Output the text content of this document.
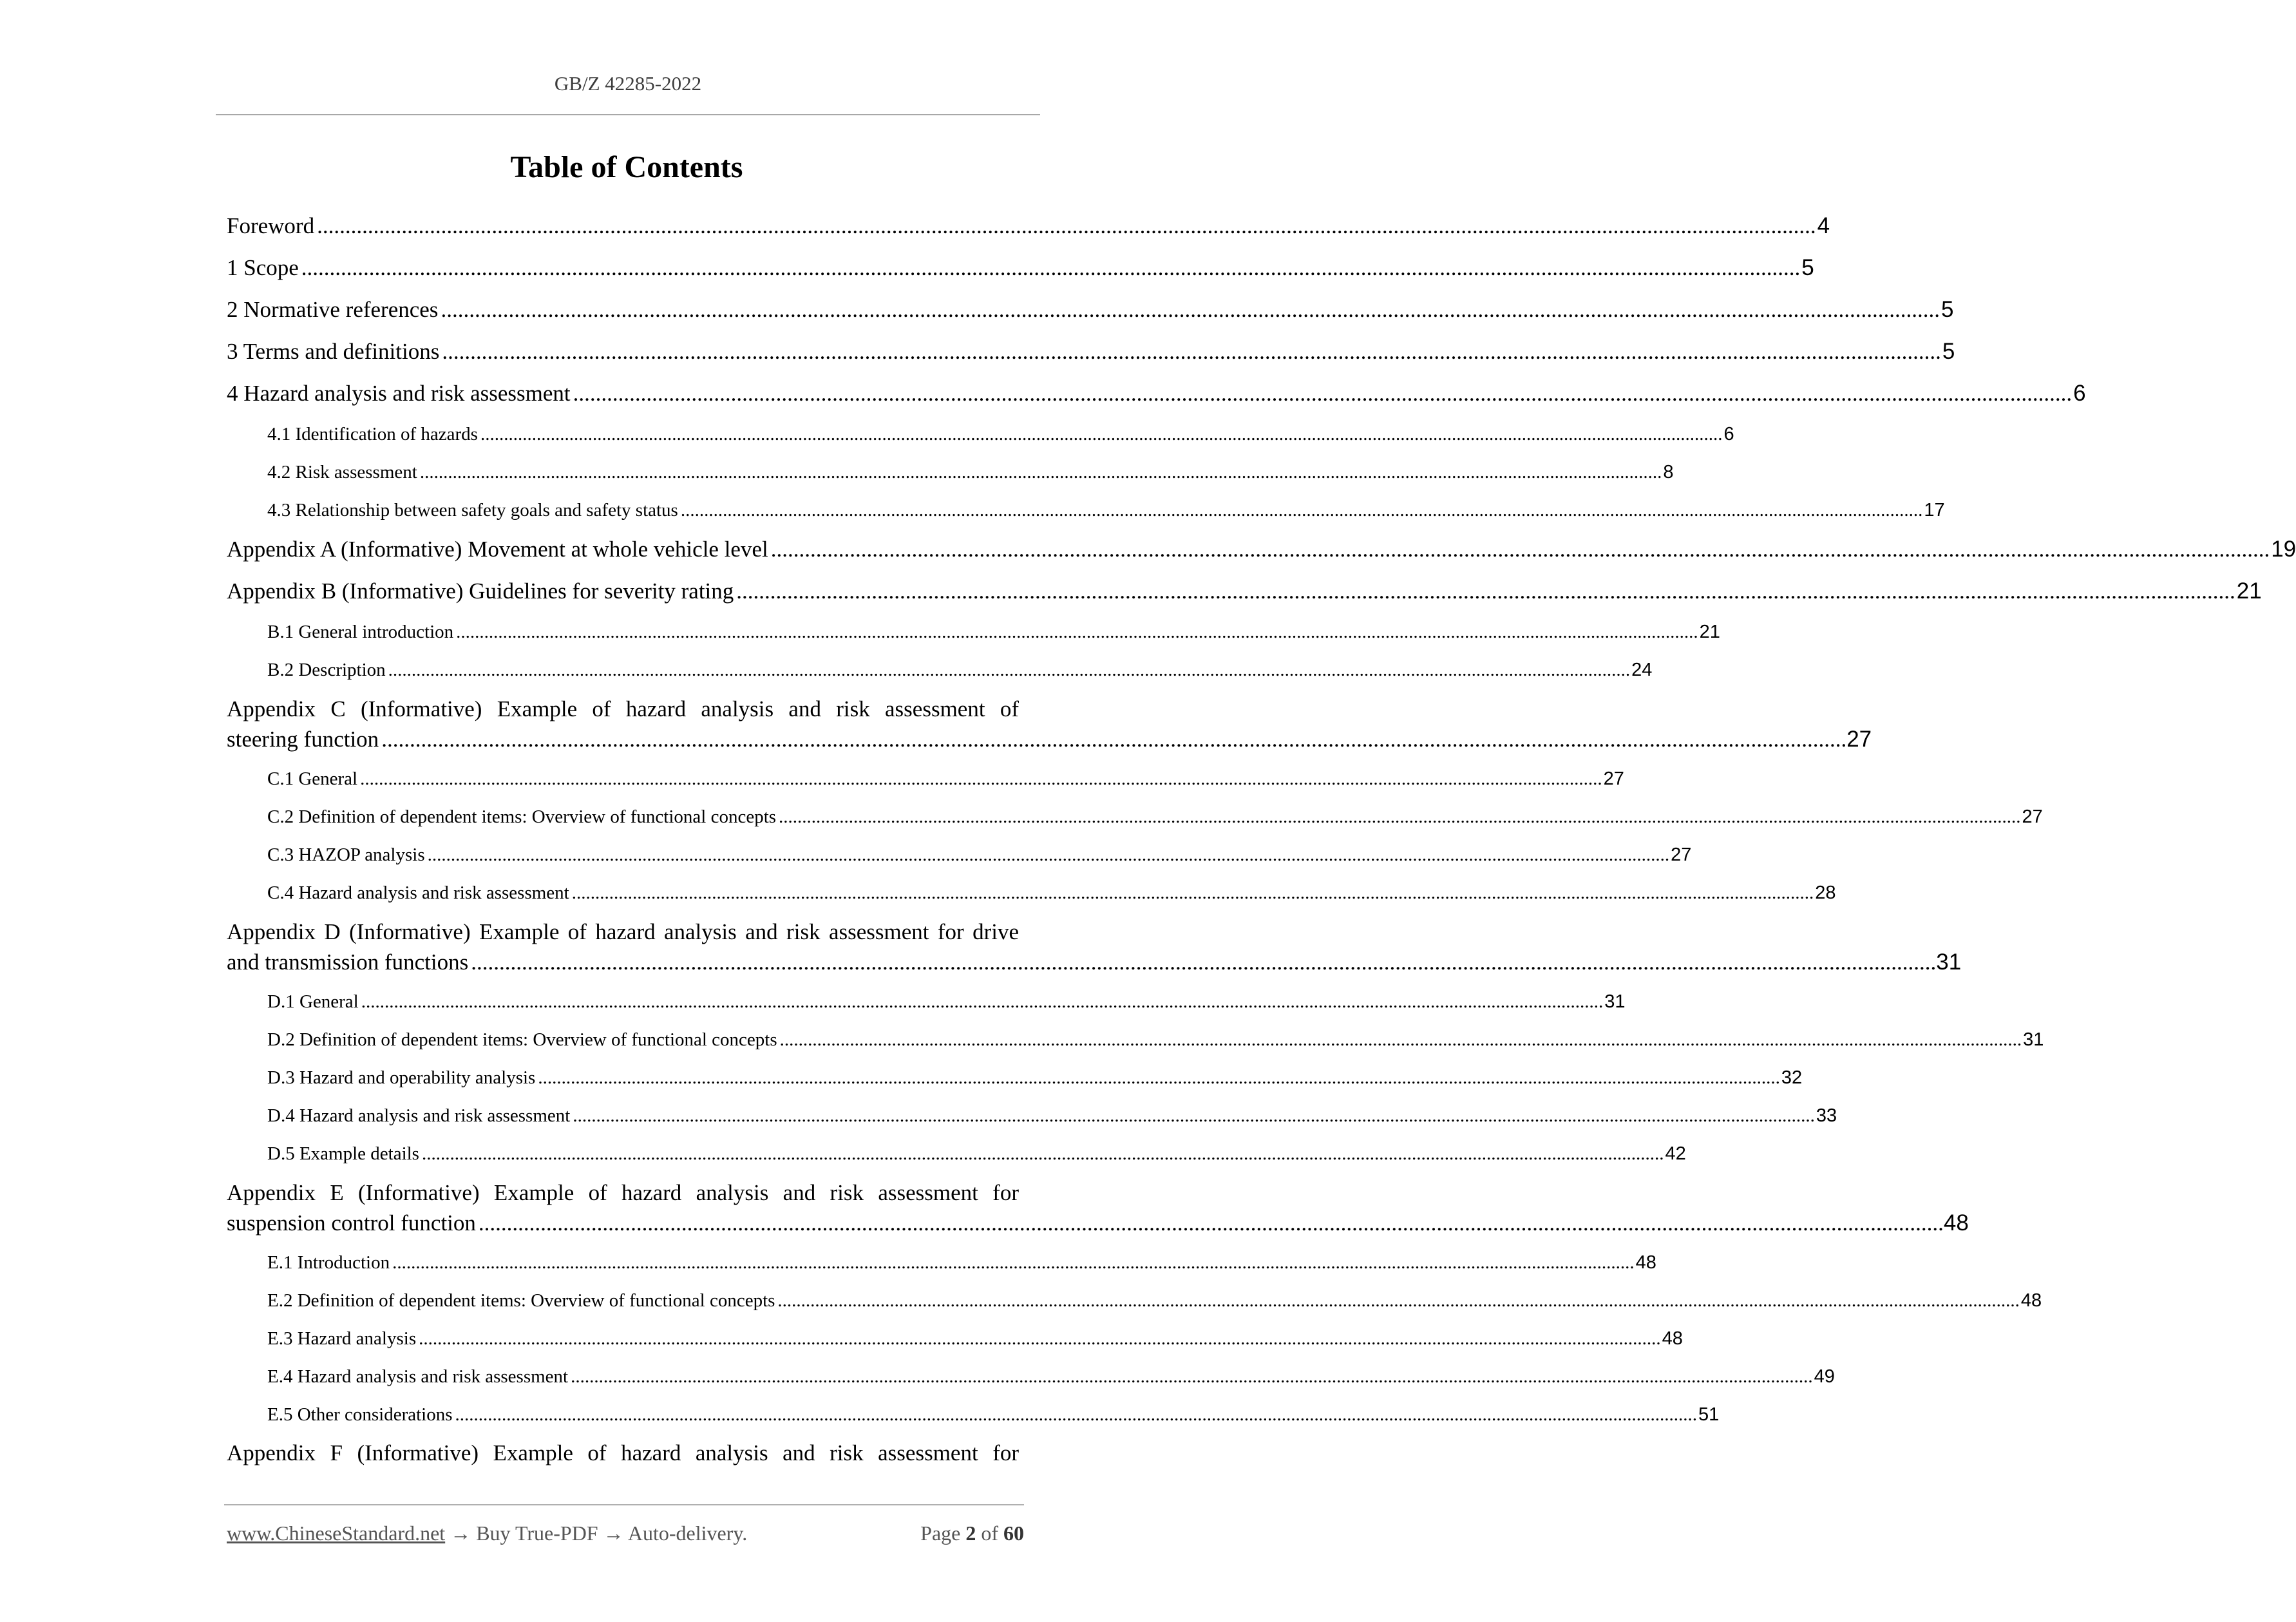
GB/Z 42285-2022
Table of Contents
Foreword .....	4
1 Scope .....	5
2 Normative references .....	5
3 Terms and definitions .....	5
4 Hazard analysis and risk assessment .....	6
4.1 Identification of hazards .....	6
4.2 Risk assessment .....	8
4.3 Relationship between safety goals and safety status .....	17
Appendix A (Informative) Movement at whole vehicle level .....	19
Appendix B (Informative) Guidelines for severity rating .....	21
B.1 General introduction .....	21
B.2 Description .....	24
Appendix C (Informative) Example of hazard analysis and risk assessment of
steering function .................................................................................................................................................................................................................................................................... 27
C.1 General .....	27
C.2 Definition of dependent items: Overview of functional concepts .....	27
C.3 HAZOP analysis .....	27
C.4 Hazard analysis and risk assessment .....	28
Appendix D (Informative) Example of hazard analysis and risk assessment for drive
and transmission functions .................................................................................................................................................................................................................................................................... 31
D.1 General .....	31
D.2 Definition of dependent items: Overview of functional concepts .....	31
D.3 Hazard and operability analysis .....	32
D.4 Hazard analysis and risk assessment .....	33
D.5 Example details .....	42
Appendix E (Informative) Example of hazard analysis and risk assessment for
suspension control function .................................................................................................................................................................................................................................................................... 48
E.1 Introduction .....	48
E.2 Definition of dependent items: Overview of functional concepts .....	48
E.3 Hazard analysis .....	48
E.4 Hazard analysis and risk assessment .....	49
E.5 Other considerations .....	51
Appendix F (Informative) Example of hazard analysis and risk assessment for
www.ChineseStandard.net → Buy True-PDF → Auto-delivery.	Page 2 of 60
